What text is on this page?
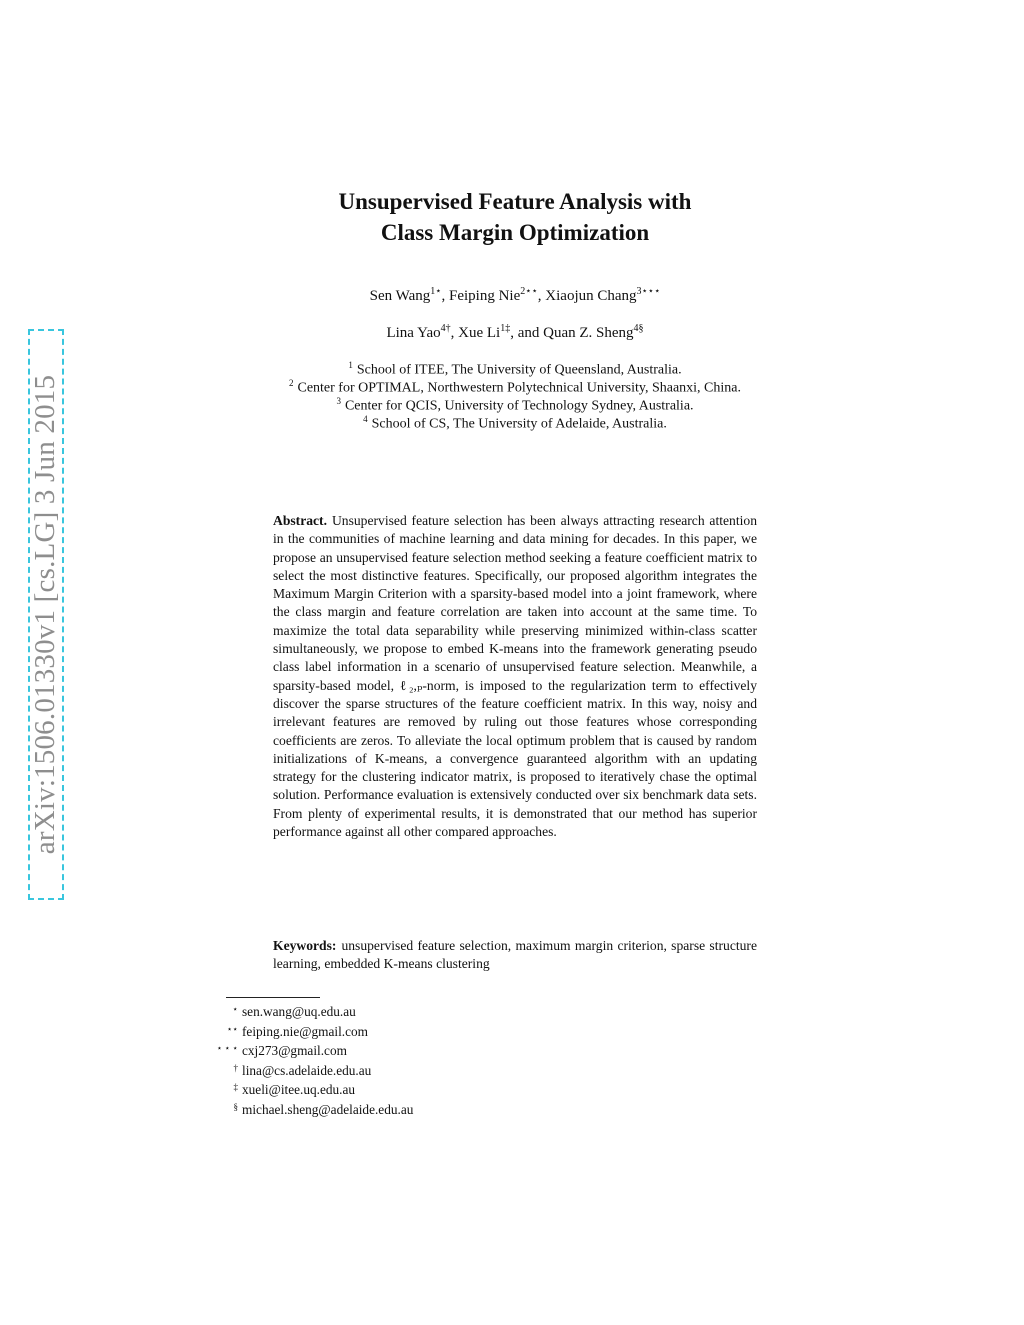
arXiv:1506.01330v1 [cs.LG] 3 Jun 2015
Unsupervised Feature Analysis with
Class Margin Optimization
Sen Wang$^{1⋆}$, Feiping Nie$^{2⋆⋆}$, Xiaojun Chang$^{3⋆⋆⋆}$
Lina Yao$^{4\dagger}$, Xue $Li^{1\ddagger}$, and Quan Z. Sheng$^{4\S}$
$^1$ School of ITEE, The University of Queensland, Australia.
$^2$ Center for OPTIMAL, Northwestern Polytechnical University, Shaanxi, China.
$^3$ Center for QCIS, University of Technology Sydney, Australia.
$^4$ School of CS, The University of Adelaide, Australia.
Abstract. Unsupervised feature selection has been always attracting research attention in the communities of machine learning and data mining for decades. In this paper, we propose an unsupervised feature selection method seeking a feature coefficient matrix to select the most distinctive features. Specifically, our proposed algorithm integrates the Maximum Margin Criterion with a sparsity-based model into a joint framework, where the class margin and feature correlation are taken into account at the same time. To maximize the total data separability while preserving minimized within-class scatter simultaneously, we propose to embed K-means into the framework generating pseudo class label information in a scenario of unsupervised feature selection. Meanwhile, a sparsity-based model, ℓ₂,ₚ-norm, is imposed to the regularization term to effectively discover the sparse structures of the feature coefficient matrix. In this way, noisy and irrelevant features are removed by ruling out those features whose corresponding coefficients are zeros. To alleviate the local optimum problem that is caused by random initializations of K-means, a convergence guaranteed algorithm with an updating strategy for the clustering indicator matrix, is proposed to iteratively chase the optimal solution. Performance evaluation is extensively conducted over six benchmark data sets. From plenty of experimental results, it is demonstrated that our method has superior performance against all other compared approaches.
Keywords: unsupervised feature selection, maximum margin criterion, sparse structure learning, embedded K-means clustering
⋆ sen.wang@uq.edu.au
⋆⋆ feiping.nie@gmail.com
⋆ ⋆ ⋆ cxj273@gmail.com
† lina@cs.adelaide.edu.au
‡ xueli@itee.uq.edu.au
§ michael.sheng@adelaide.edu.au
